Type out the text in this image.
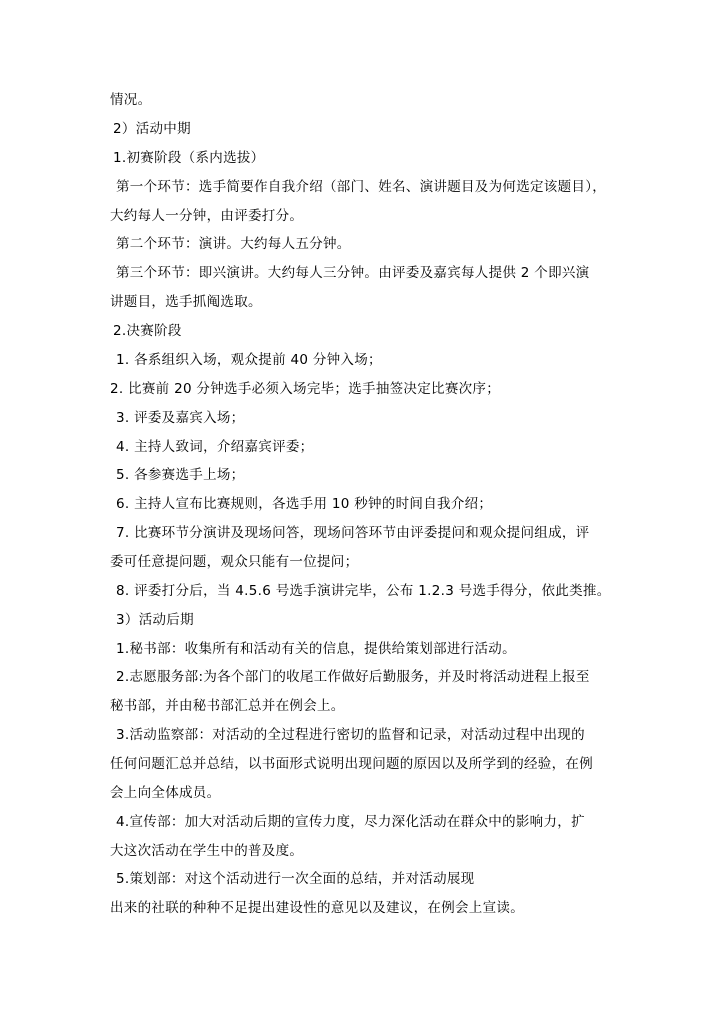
情况。
2）活动中期
1.初赛阶段（系内选拔）
第一个环节：选手简要作自我介绍（部门、姓名、演讲题目及为何选定该题目），
大约每人一分钟，由评委打分。
第二个环节：演讲。大约每人五分钟。
第三个环节：即兴演讲。大约每人三分钟。由评委及嘉宾每人提供 2 个即兴演
讲题目，选手抓阄选取。
2.决赛阶段
1. 各系组织入场，观众提前 40 分钟入场；
2. 比赛前 20 分钟选手必须入场完毕；选手抽签决定比赛次序；
3. 评委及嘉宾入场；
4. 主持人致词，介绍嘉宾评委；
5. 各参赛选手上场；
6. 主持人宣布比赛规则，各选手用 10 秒钟的时间自我介绍；
7. 比赛环节分演讲及现场问答，现场问答环节由评委提问和观众提问组成，评
委可任意提问题，观众只能有一位提问；
8. 评委打分后，当 4.5.6 号选手演讲完毕，公布 1.2.3 号选手得分，依此类推。
3）活动后期
1.秘书部：收集所有和活动有关的信息，提供给策划部进行活动。
2.志愿服务部:为各个部门的收尾工作做好后勤服务，并及时将活动进程上报至
秘书部，并由秘书部汇总并在例会上。
3.活动监察部：对活动的全过程进行密切的监督和记录，对活动过程中出现的
任何问题汇总并总结，以书面形式说明出现问题的原因以及所学到的经验，在例
会上向全体成员。
4.宣传部：加大对活动后期的宣传力度，尽力深化活动在群众中的影响力，扩
大这次活动在学生中的普及度。
5.策划部：对这个活动进行一次全面的总结，并对活动展现
出来的社联的种种不足提出建设性的意见以及建议，在例会上宣读。
